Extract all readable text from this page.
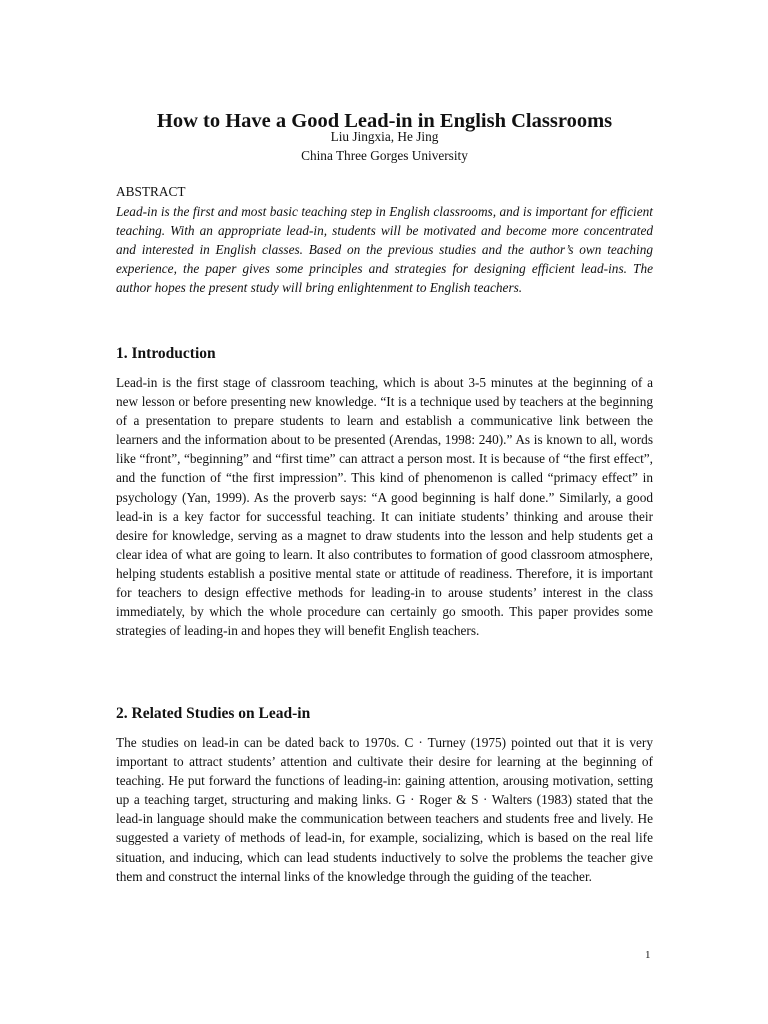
How to Have a Good Lead-in in English Classrooms
Liu Jingxia, He Jing
China Three Gorges University
ABSTRACT

Lead-in is the first and most basic teaching step in English classrooms, and is important for efficient teaching. With an appropriate lead-in, students will be motivated and become more concentrated and interested in English classes. Based on the previous studies and the author’s own teaching experience, the paper gives some principles and strategies for designing efficient lead-ins. The author hopes the present study will bring enlightenment to English teachers.

1. Introduction

Lead-in is the first stage of classroom teaching, which is about 3-5 minutes at the beginning of a new lesson or before presenting new knowledge. “It is a technique used by teachers at the beginning of a presentation to prepare students to learn and establish a communicative link between the learners and the information about to be presented (Arendas, 1998: 240).” As is known to all, words like “front”, “beginning” and “first time” can attract a person most. It is because of “the first effect”, and the function of “the first impression”. This kind of phenomenon is called “primacy effect” in psychology (Yan, 1999). As the proverb says: “A good beginning is half done.” Similarly, a good lead-in is a key factor for successful teaching. It can initiate students’ thinking and arouse their desire for knowledge, serving as a magnet to draw students into the lesson and help students get a clear idea of what are going to learn. It also contributes to formation of good classroom atmosphere, helping students establish a positive mental state or attitude of readiness. Therefore, it is important for teachers to design effective methods for leading-in to arouse students’ interest in the class immediately, by which the whole procedure can certainly go smooth. This paper provides some strategies of leading-in and hopes they will benefit English teachers.

2. Related Studies on Lead-in

The studies on lead-in can be dated back to 1970s. C · Turney (1975) pointed out that it is very important to attract students’ attention and cultivate their desire for learning at the beginning of teaching. He put forward the functions of leading-in: gaining attention, arousing motivation, setting up a teaching target, structuring and making links. G · Roger & S · Walters (1983) stated that the lead-in language should make the communication between teachers and students free and lively. He suggested a variety of methods of lead-in, for example, socializing, which is based on the real life situation, and inducing, which can lead students inductively to solve the problems the teacher give them and construct the internal links of the knowledge through the guiding of the teacher.

1
